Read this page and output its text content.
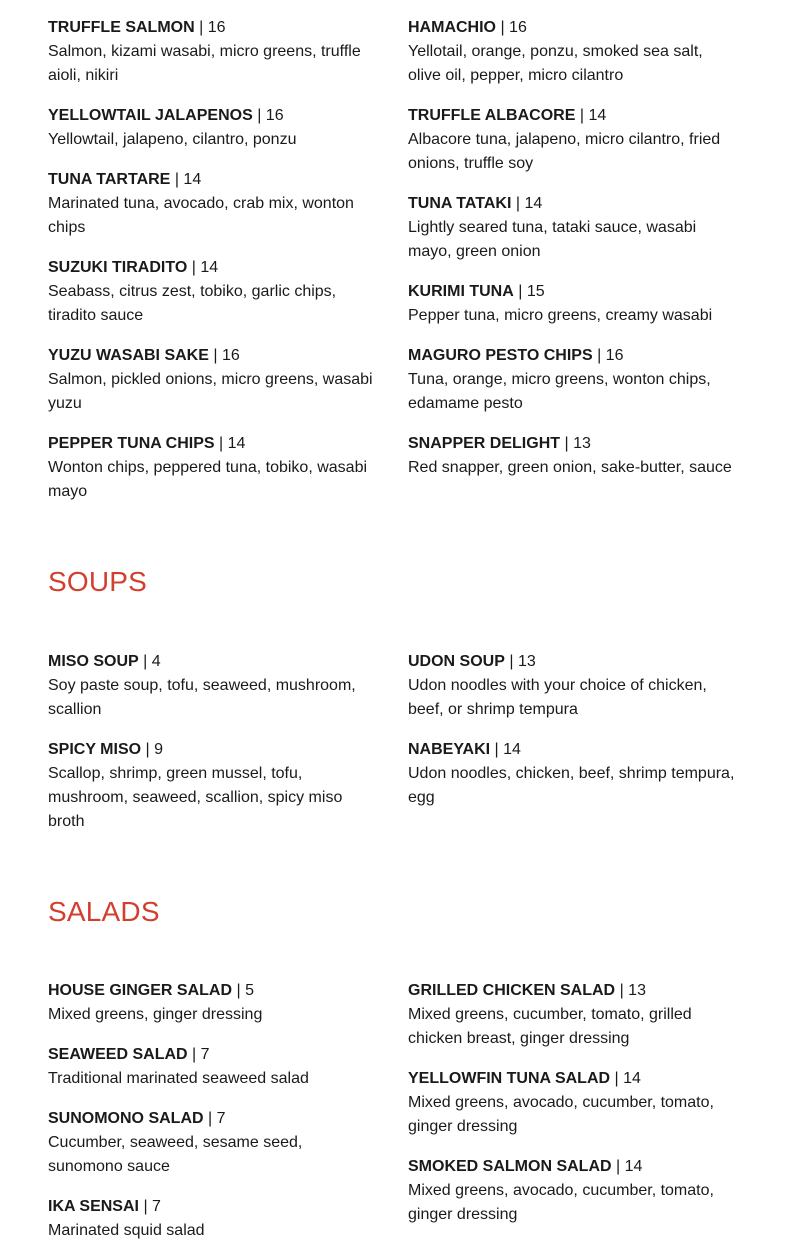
TRUFFLE SALMON | 16
Salmon, kizami wasabi, micro greens, truffle aioli, nikiri
YELLOWTAIL JALAPENOS | 16
Yellowtail, jalapeno, cilantro, ponzu
TUNA TARTARE | 14
Marinated tuna, avocado, crab mix, wonton chips
SUZUKI TIRADITO | 14
Seabass, citrus zest, tobiko, garlic chips, tiradito sauce
YUZU WASABI SAKE | 16
Salmon, pickled onions, micro greens, wasabi yuzu
PEPPER TUNA CHIPS | 14
Wonton chips, peppered tuna, tobiko, wasabi mayo
HAMACHIO | 16
Yellotail, orange, ponzu, smoked sea salt, olive oil, pepper, micro cilantro
TRUFFLE ALBACORE | 14
Albacore tuna, jalapeno, micro cilantro, fried onions, truffle soy
TUNA TATAKI | 14
Lightly seared tuna, tataki sauce, wasabi mayo, green onion
KURIMI TUNA | 15
Pepper tuna, micro greens, creamy wasabi
MAGURO PESTO CHIPS | 16
Tuna, orange, micro greens, wonton chips, edamame pesto
SNAPPER DELIGHT | 13
Red snapper, green onion, sake-butter, sauce
SOUPS
MISO SOUP | 4
Soy paste soup, tofu, seaweed, mushroom, scallion
SPICY MISO | 9
Scallop, shrimp, green mussel, tofu, mushroom, seaweed, scallion, spicy miso broth
UDON SOUP | 13
Udon noodles with your choice of chicken, beef, or shrimp tempura
NABEYAKI | 14
Udon noodles, chicken, beef, shrimp tempura, egg
SALADS
HOUSE GINGER SALAD | 5
Mixed greens, ginger dressing
SEAWEED SALAD | 7
Traditional marinated seaweed salad
SUNOMONO SALAD | 7
Cucumber, seaweed, sesame seed, sunomono sauce
IKA SENSAI | 7
Marinated squid salad
GRILLED CHICKEN SALAD | 13
Mixed greens, cucumber, tomato, grilled chicken breast, ginger dressing
YELLOWFIN TUNA SALAD | 14
Mixed greens, avocado, cucumber, tomato, ginger dressing
SMOKED SALMON SALAD | 14
Mixed greens, avocado, cucumber, tomato, ginger dressing
